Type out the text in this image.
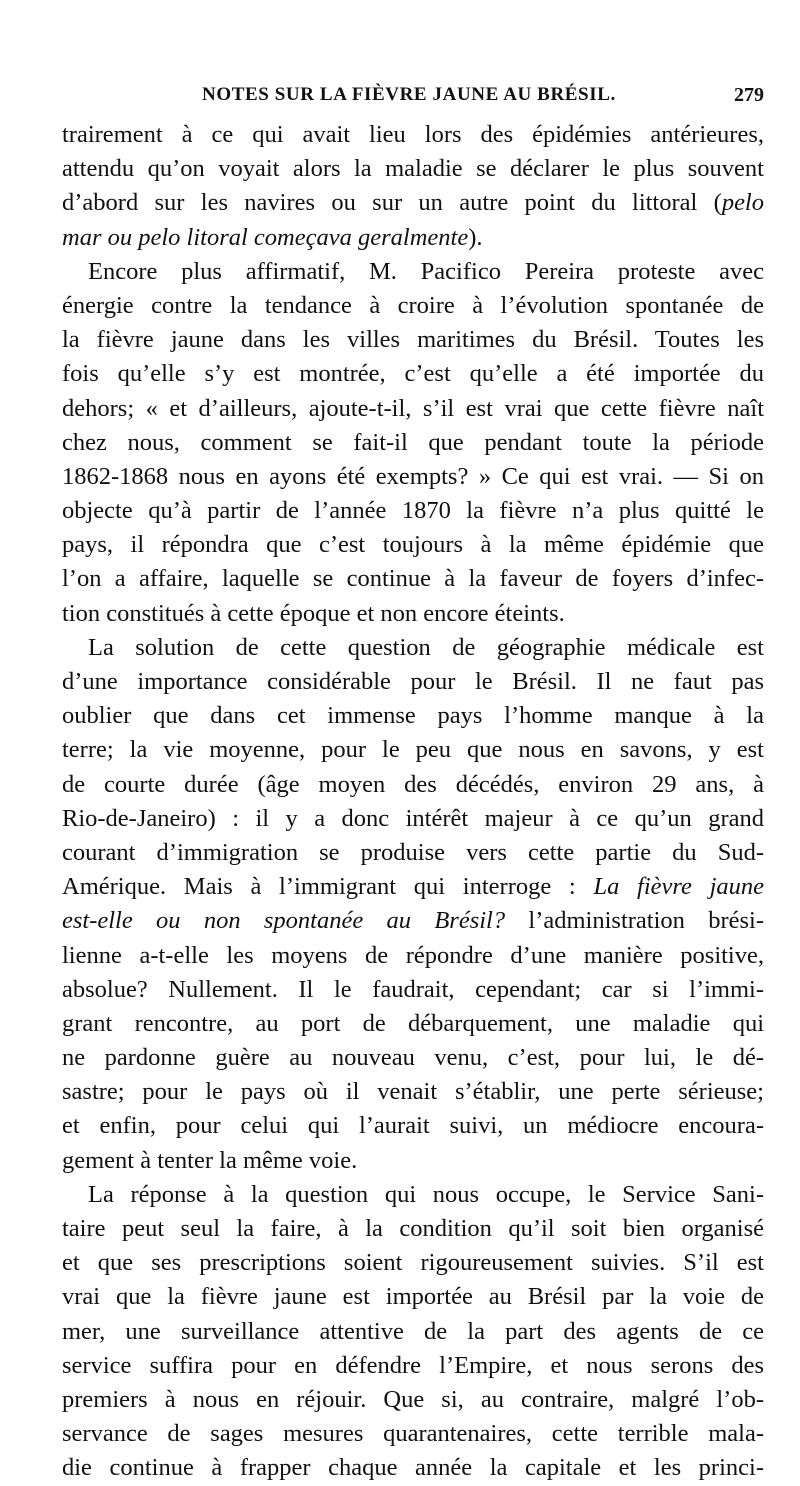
NOTES SUR LA FIÈVRE JAUNE AU BRÉSIL.	279
trairement à ce qui avait lieu lors des épidémies antérieures,
attendu qu’on voyait alors la maladie se déclarer le plus souvent
d’abord sur les navires ou sur un autre point du littoral (pelo
mar ou pelo litoral começava geralmente).
Encore plus affirmatif, M. Pacifico Pereira proteste avec
énergie contre la tendance à croire à l’évolution spontanée de
la fièvre jaune dans les villes maritimes du Brésil. Toutes les
fois qu’elle s’y est montrée, c’est qu’elle a été importée du
dehors; « et d’ailleurs, ajoute-t-il, s’il est vrai que cette fièvre naît
chez nous, comment se fait-il que pendant toute la période
1862-1868 nous en ayons été exempts? » Ce qui est vrai. — Si on
objecte qu’à partir de l’année 1870 la fièvre n’a plus quitté le
pays, il répondra que c’est toujours à la même épidémie que
l’on a affaire, laquelle se continue à la faveur de foyers d’infec-
tion constitués à cette époque et non encore éteints.
La solution de cette question de géographie médicale est
d’une importance considérable pour le Brésil. Il ne faut pas
oublier que dans cet immense pays l’homme manque à la
terre; la vie moyenne, pour le peu que nous en savons, y est
de courte durée (âge moyen des décédés, environ 29 ans, à
Rio-de-Janeiro) : il y a donc intérêt majeur à ce qu’un grand
courant d’immigration se produise vers cette partie du Sud-
Amérique. Mais à l’immigrant qui interroge : La fièvre jaune
est-elle ou non spontanée au Brésil? l’administration brési-
lienne a-t-elle les moyens de répondre d’une manière positive,
absolue? Nullement. Il le faudrait, cependant; car si l’immi-
grant rencontre, au port de débarquement, une maladie qui
ne pardonne guère au nouveau venu, c’est, pour lui, le dé-
sastre; pour le pays où il venait s’établir, une perte sérieuse;
et enfin, pour celui qui l’aurait suivi, un médiocre encoura-
gement à tenter la même voie.
La réponse à la question qui nous occupe, le Service Sani-
taire peut seul la faire, à la condition qu’il soit bien organisé
et que ses prescriptions soient rigoureusement suivies. S’il est
vrai que la fièvre jaune est importée au Brésil par la voie de
mer, une surveillance attentive de la part des agents de ce
service suffira pour en défendre l’Empire, et nous serons des
premiers à nous en réjouir. Que si, au contraire, malgré l’ob-
servance de sages mesures quarantenaires, cette terrible mala-
die continue à frapper chaque année la capitale et les princi-
